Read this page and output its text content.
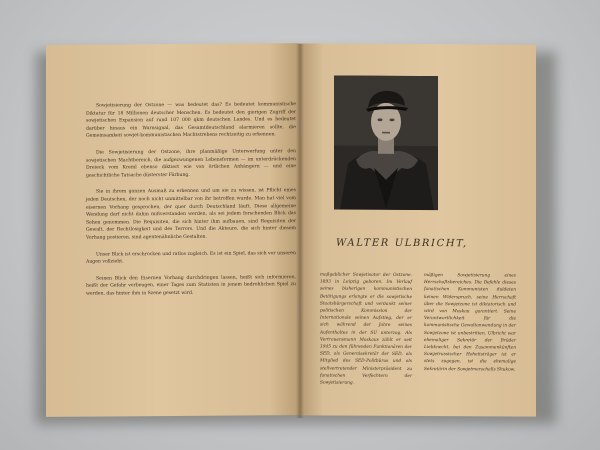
Sowjetisierung der Ostzone — was bedeutet das? Es bedeutet kommunistische Diktatur für 18 Millionen deutscher Menschen. Es bedeutet den gierigen Zugriff der sowjetischen Expansion auf rund 107 000 qkm deutschen Landes. Und es bedeutet darüber hinaus ein Warnsignal, das Gesamtdeutschland alarmieren sollte, die Gemeinsamkeit sowjet-kommunistischen Machtstrebens rechtzeitig zu erkennen.

Die Sowjetisierung der Ostzone, ihre planmäßige Unterwerfung unter den sowjetischen Machtbereich, die aufgezwungenen Lebensformen — im unterdrückenden Dreieck vom Kreml ebenso diktiert wie von örtlichen Anhängern — und eine geschichtliche Tatsache düsterster Färbung.

Sie in ihrem ganzen Ausmaß zu erkennen und um sie zu wissen, ist Pflicht eines jeden Deutschen, der noch nicht unmittelbar von ihr betroffen wurde. Man hat viel vom eisernen Vorhang gesprochen, der quer durch Deutschland läuft. Diese allgemeine Wendung darf nicht dahin mißverstanden werden, als sei jedem forschenden Blick das Sehen genommen. Die Requisiten, die sich hinter ihm aufbauen, sind Requisiten der Gewalt, der Rechtlosigkeit und des Terrors. Und die Akteure, die sich hinter diesem Vorhang postieren, sind agentenähnliche Gestalten.

Unser Blick ist erschrocken und ratlos zugleich. Es ist ein Spiel, das sich vor unseren Augen vollzieht.

Seinen Blick den Eisernen Vorhang durchdringen lassen, heißt sich informieren, heißt der Gefahr vorbeugen, einer Tages zum Statisten in jenem bedrohlichen Spiel zu werden, das hinter ihm in Szene gesetzt wird.

WALTER ULBRICHT,

maßgeblicher Sowjetisator der Ostzone. 1893 in Leipzig geboren. Im Verlauf seines bisherigen kommunistischen Betätigungs erlangte er die sowjetische Staatsbürgerschaft und verdankt seiner politischen Kommission der Internationale seinen Aufstieg, der er sich während der Jahre seines Aufenthaltes in der SU unterzog. Als Vertrauensmann Moskaus zählt er seit 1945 zu den führenden Funktionären der SED, als Generalsekretär der SED, als Mitglied des SED-Politbüros und als stellvertretender Ministerpräsident zu fanatischen Verfechtern der Sowjetisierung.

mäßigen Sowjetisierung eines Herrschaftsbereiches. Die Befehle dieses fanatischen Kommunisten duldeten keinen Widerspruch, seine Herrschaft über die Sowjetzone ist diktatorisch und wird von Moskau garantiert. Seine Verantwortlichkeit für die kommunistische Gewaltanwendung in der Sowjetzone ist unbestritten. Ulbricht war ehemaliger Sekretär der Brüder Liebknecht, bei den Zusammenkünften Sowjetrussischer Hoheitsträger ist er stets zugegen, ist die ehemalige Sekretärin der Sowjetmarschalls Shukow.
